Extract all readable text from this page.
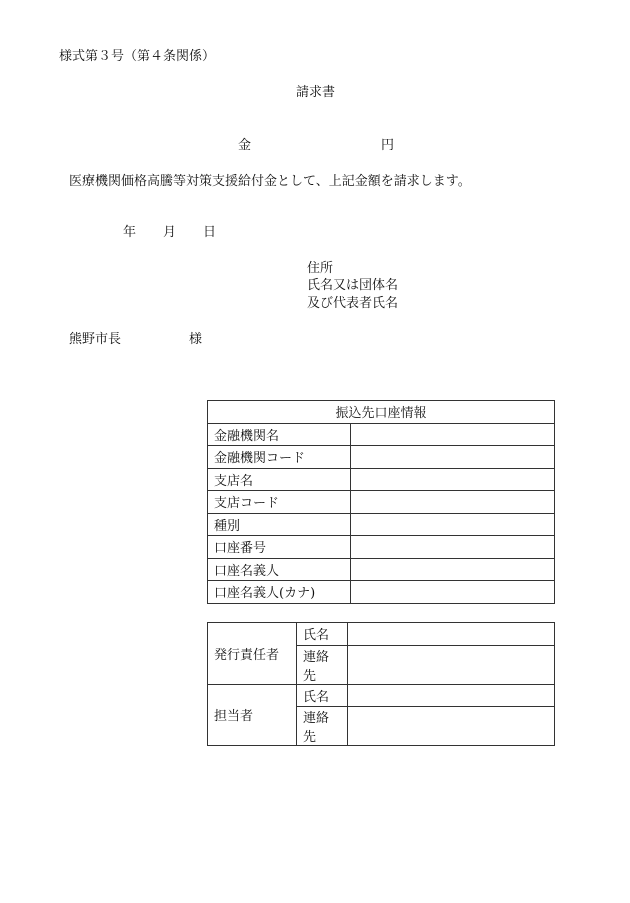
様式第３号（第４条関係）
請求書
金	円
医療機関価格高騰等対策支援給付金として、上記金額を請求します。
年 月 日
住所
氏名又は団体名
及び代表者氏名
熊野市長	様
振込先口座情報	
金融機関名	
金融機関コード	
支店名	
支店コード	
種別	
口座番号	
口座名義人	
口座名義人(カナ)	
発行責任者	氏名	
	連絡先	
担当者	氏名	
	連絡先	
